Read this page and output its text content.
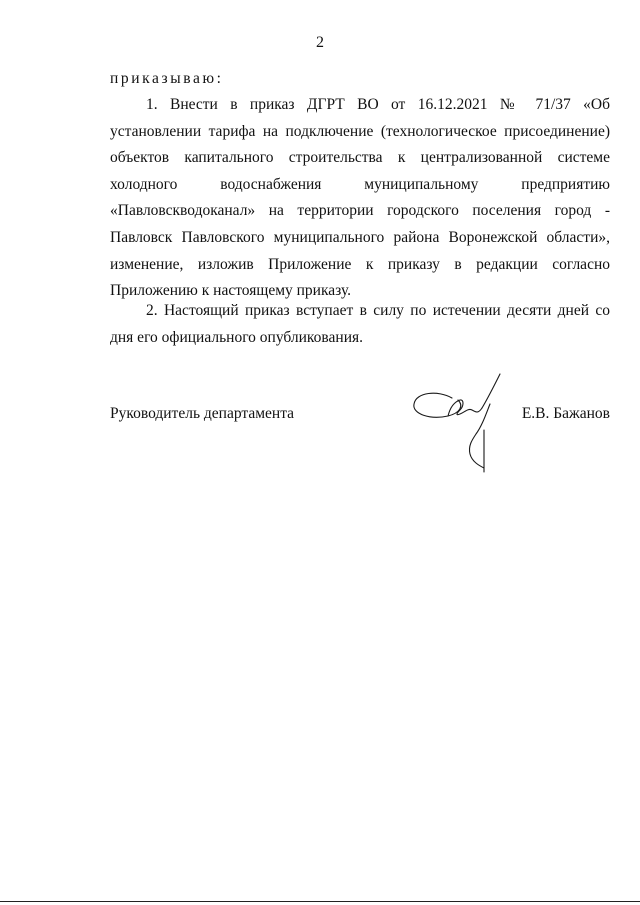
2
приказываю:

1. Внести в приказ ДГРТ ВО от 16.12.2021 № 71/37 «Об установлении тарифа на подключение (технологическое присоединение) объектов капитального строительства к централизованной системе холодного водоснабжения муниципальному предприятию «Павловскводоканал» на территории городского поселения город - Павловск Павловского муниципального района Воронежской области», изменение, изложив Приложение к приказу в редакции согласно Приложению к настоящему приказу.

2. Настоящий приказ вступает в силу по истечении десяти дней со дня его официального опубликования.

Руководитель департамента	Е.В. Бажанов
